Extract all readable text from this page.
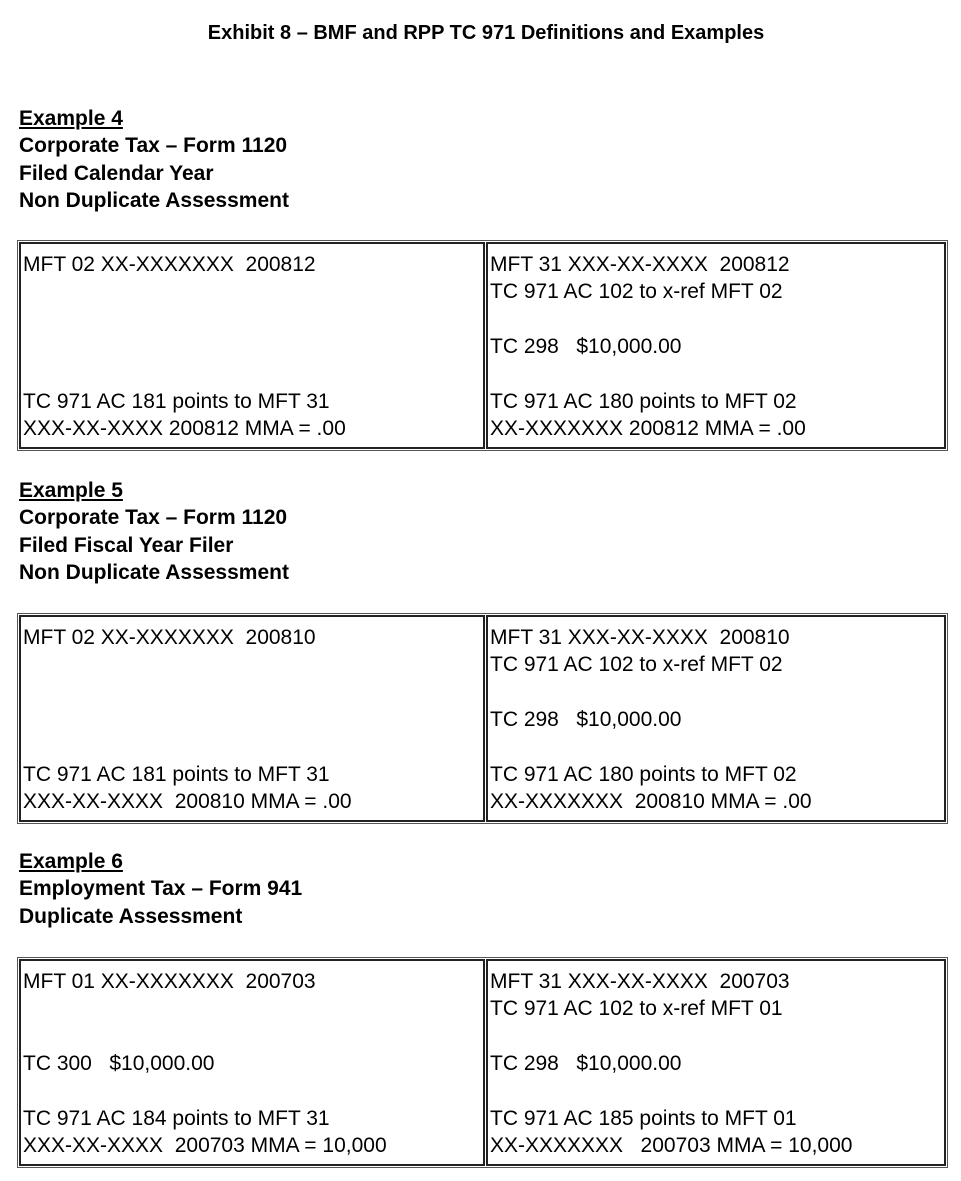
Exhibit 8 – BMF and RPP TC 971 Definitions and Examples
Example 4
Corporate Tax – Form 1120
Filed Calendar Year
Non Duplicate Assessment
MFT 02 XX-XXXXXXX  200812
TC 971 AC 181 points to MFT 31
XXX-XX-XXXX 200812 MMA = .00
MFT 31 XXX-XX-XXXX  200812
TC 971 AC 102 to x-ref MFT 02
TC 298   $10,000.00
TC 971 AC 180 points to MFT 02
XX-XXXXXXX 200812 MMA = .00
Example 5
Corporate Tax – Form 1120
Filed Fiscal Year Filer
Non Duplicate Assessment
MFT 02 XX-XXXXXXX  200810
TC 971 AC 181 points to MFT 31
XXX-XX-XXXX  200810 MMA = .00
MFT 31 XXX-XX-XXXX  200810
TC 971 AC 102 to x-ref MFT 02
TC 298   $10,000.00
TC 971 AC 180 points to MFT 02
XX-XXXXXXX  200810 MMA = .00
Example 6
Employment Tax – Form 941
Duplicate Assessment
MFT 01 XX-XXXXXXX  200703
TC 300   $10,000.00
TC 971 AC 184 points to MFT 31
XXX-XX-XXXX  200703 MMA = 10,000
MFT 31 XXX-XX-XXXX  200703
TC 971 AC 102 to x-ref MFT 01
TC 298   $10,000.00
TC 971 AC 185 points to MFT 01
XX-XXXXXXX   200703 MMA = 10,000
